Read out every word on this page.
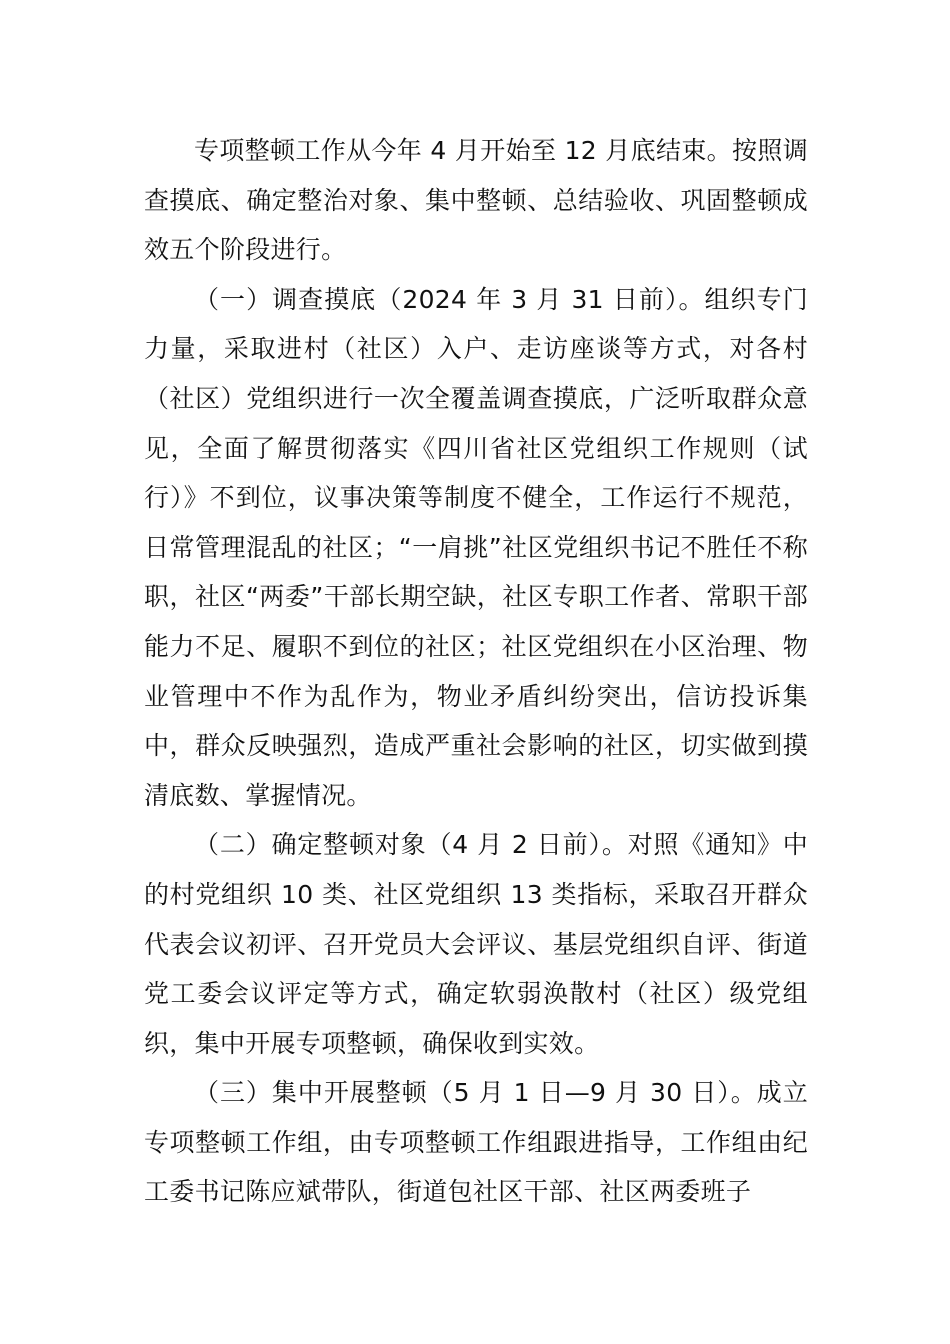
专项整顿工作从今年 4 月开始至 12 月底结束。按照调查摸底、确定整治对象、集中整顿、总结验收、巩固整顿成效五个阶段进行。

（一）调查摸底（2024 年 3 月 31 日前）。组织专门力量，采取进村（社区）入户、走访座谈等方式，对各村（社区）党组织进行一次全覆盖调查摸底，广泛听取群众意见，全面了解贯彻落实《四川省社区党组织工作规则（试行）》不到位，议事决策等制度不健全，工作运行不规范，日常管理混乱的社区；“一肩挑”社区党组织书记不胜任不称职，社区“两委”干部长期空缺，社区专职工作者、常职干部能力不足、履职不到位的社区；社区党组织在小区治理、物业管理中不作为乱作为，物业矛盾纠纷突出，信访投诉集中，群众反映强烈，造成严重社会影响的社区，切实做到摸清底数、掌握情况。

（二）确定整顿对象（4 月 2 日前）。对照《通知》中的村党组织 10 类、社区党组织 13 类指标，采取召开群众代表会议初评、召开党员大会评议、基层党组织自评、街道党工委会议评定等方式，确定软弱涣散村（社区）级党组织，集中开展专项整顿，确保收到实效。

（三）集中开展整顿（5 月 1 日—9 月 30 日）。成立专项整顿工作组，由专项整顿工作组跟进指导，工作组由纪工委书记陈应斌带队，街道包社区干部、社区两委班子
